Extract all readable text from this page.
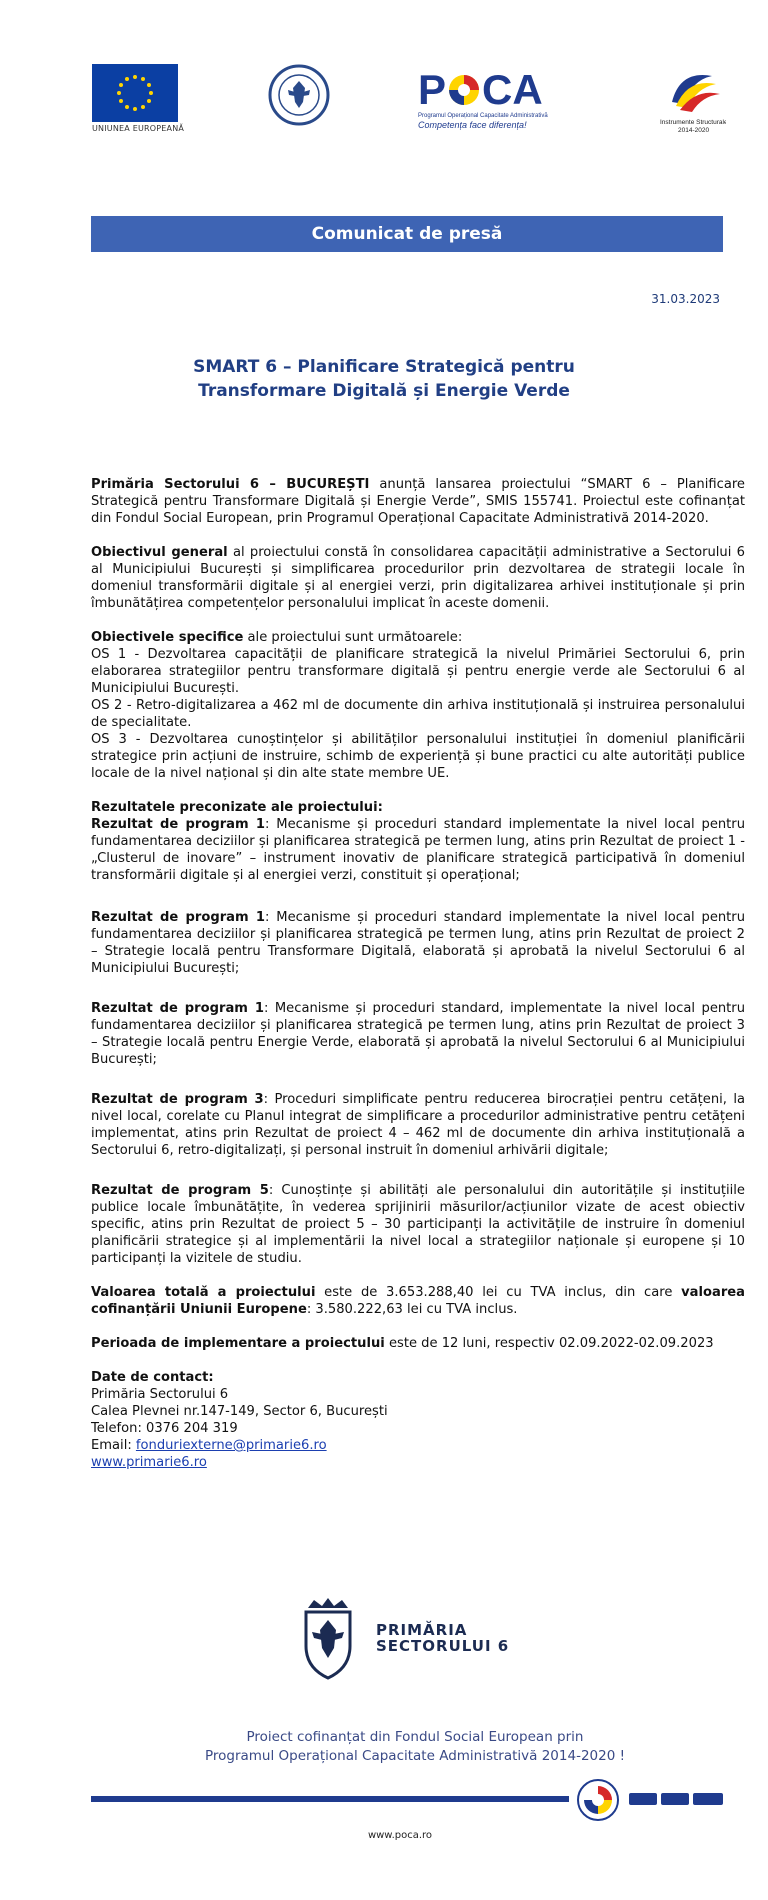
UNIUNEA EUROPEANĂ
P CA
Programul Operațional Capacitate Administrativă
Competența face diferența!	Instrumente Structurale
2014-2020
Comunicat de presă
31.03.2023
SMART 6 – Planificare Strategică pentru
Transformare Digitală și Energie Verde

Primăria Sectorului 6 – BUCUREȘTI anunță lansarea proiectului “SMART 6 – Planificare Strategică pentru Transformare Digitală și Energie Verde”, SMIS 155741. Proiectul este cofinanțat din Fondul Social European, prin Programul Operațional Capacitate Administrativă 2014-2020.

Obiectivul general al proiectului constă în consolidarea capacității administrative a Sectorului 6 al Municipiului București și simplificarea procedurilor prin dezvoltarea de strategii locale în domeniul transformării digitale și al energiei verzi, prin digitalizarea arhivei instituționale și prin îmbunătățirea competențelor personalului implicat în aceste domenii.

Obiectivele specifice ale proiectului sunt următoarele:

OS 1 - Dezvoltarea capacității de planificare strategică la nivelul Primăriei Sectorului 6, prin elaborarea strategiilor pentru transformare digitală și pentru energie verde ale Sectorului 6 al Municipiului București.

OS 2 - Retro-digitalizarea a 462 ml de documente din arhiva instituțională și instruirea personalului de specialitate.

OS 3 - Dezvoltarea cunoștințelor și abilităților personalului instituției în domeniul planificării strategice prin acțiuni de instruire, schimb de experiență și bune practici cu alte autorități publice locale de la nivel național și din alte state membre UE.

Rezultatele preconizate ale proiectului:

Rezultat de program 1: Mecanisme și proceduri standard implementate la nivel local pentru fundamentarea deciziilor și planificarea strategică pe termen lung, atins prin Rezultat de proiect 1 - „Clusterul de inovare” – instrument inovativ de planificare strategică participativă în domeniul transformării digitale și al energiei verzi, constituit și operațional;

Rezultat de program 1: Mecanisme și proceduri standard implementate la nivel local pentru fundamentarea deciziilor și planificarea strategică pe termen lung, atins prin Rezultat de proiect 2 – Strategie locală pentru Transformare Digitală, elaborată și aprobată la nivelul Sectorului 6 al Municipiului București;

Rezultat de program 1: Mecanisme și proceduri standard, implementate la nivel local pentru fundamentarea deciziilor și planificarea strategică pe termen lung, atins prin Rezultat de proiect 3 – Strategie locală pentru Energie Verde, elaborată și aprobată la nivelul Sectorului 6 al Municipiului București;

Rezultat de program 3: Proceduri simplificate pentru reducerea birocrației pentru cetățeni, la nivel local, corelate cu Planul integrat de simplificare a procedurilor administrative pentru cetățeni implementat, atins prin Rezultat de proiect 4 – 462 ml de documente din arhiva instituțională a Sectorului 6, retro-digitalizați, și personal instruit în domeniul arhivării digitale;

Rezultat de program 5: Cunoștințe și abilități ale personalului din autoritățile și instituțiile publice locale îmbunătățite, în vederea sprijinirii măsurilor/acțiunilor vizate de acest obiectiv specific, atins prin Rezultat de proiect 5 – 30 participanți la activitățile de instruire în domeniul planificării strategice și al implementării la nivel local a strategiilor naționale și europene și 10 participanți la vizitele de studiu.

Valoarea totală a proiectului este de 3.653.288,40 lei cu TVA inclus, din care valoarea cofinanțării Uniunii Europene: 3.580.222,63 lei cu TVA inclus.

Perioada de implementare a proiectului este de 12 luni, respectiv 02.09.2022-02.09.2023

Date de contact:

Primăria Sectorului 6

Calea Plevnei nr.147-149, Sector 6, București

Telefon: 0376 204 319

Email: fonduriexterne@primarie6.ro

www.primarie6.ro

PRIMĂRIA
SECTORULUI 6
Proiect cofinanțat din Fondul Social European prin
Programul Operațional Capacitate Administrativă 2014-2020 !
www.poca.ro
